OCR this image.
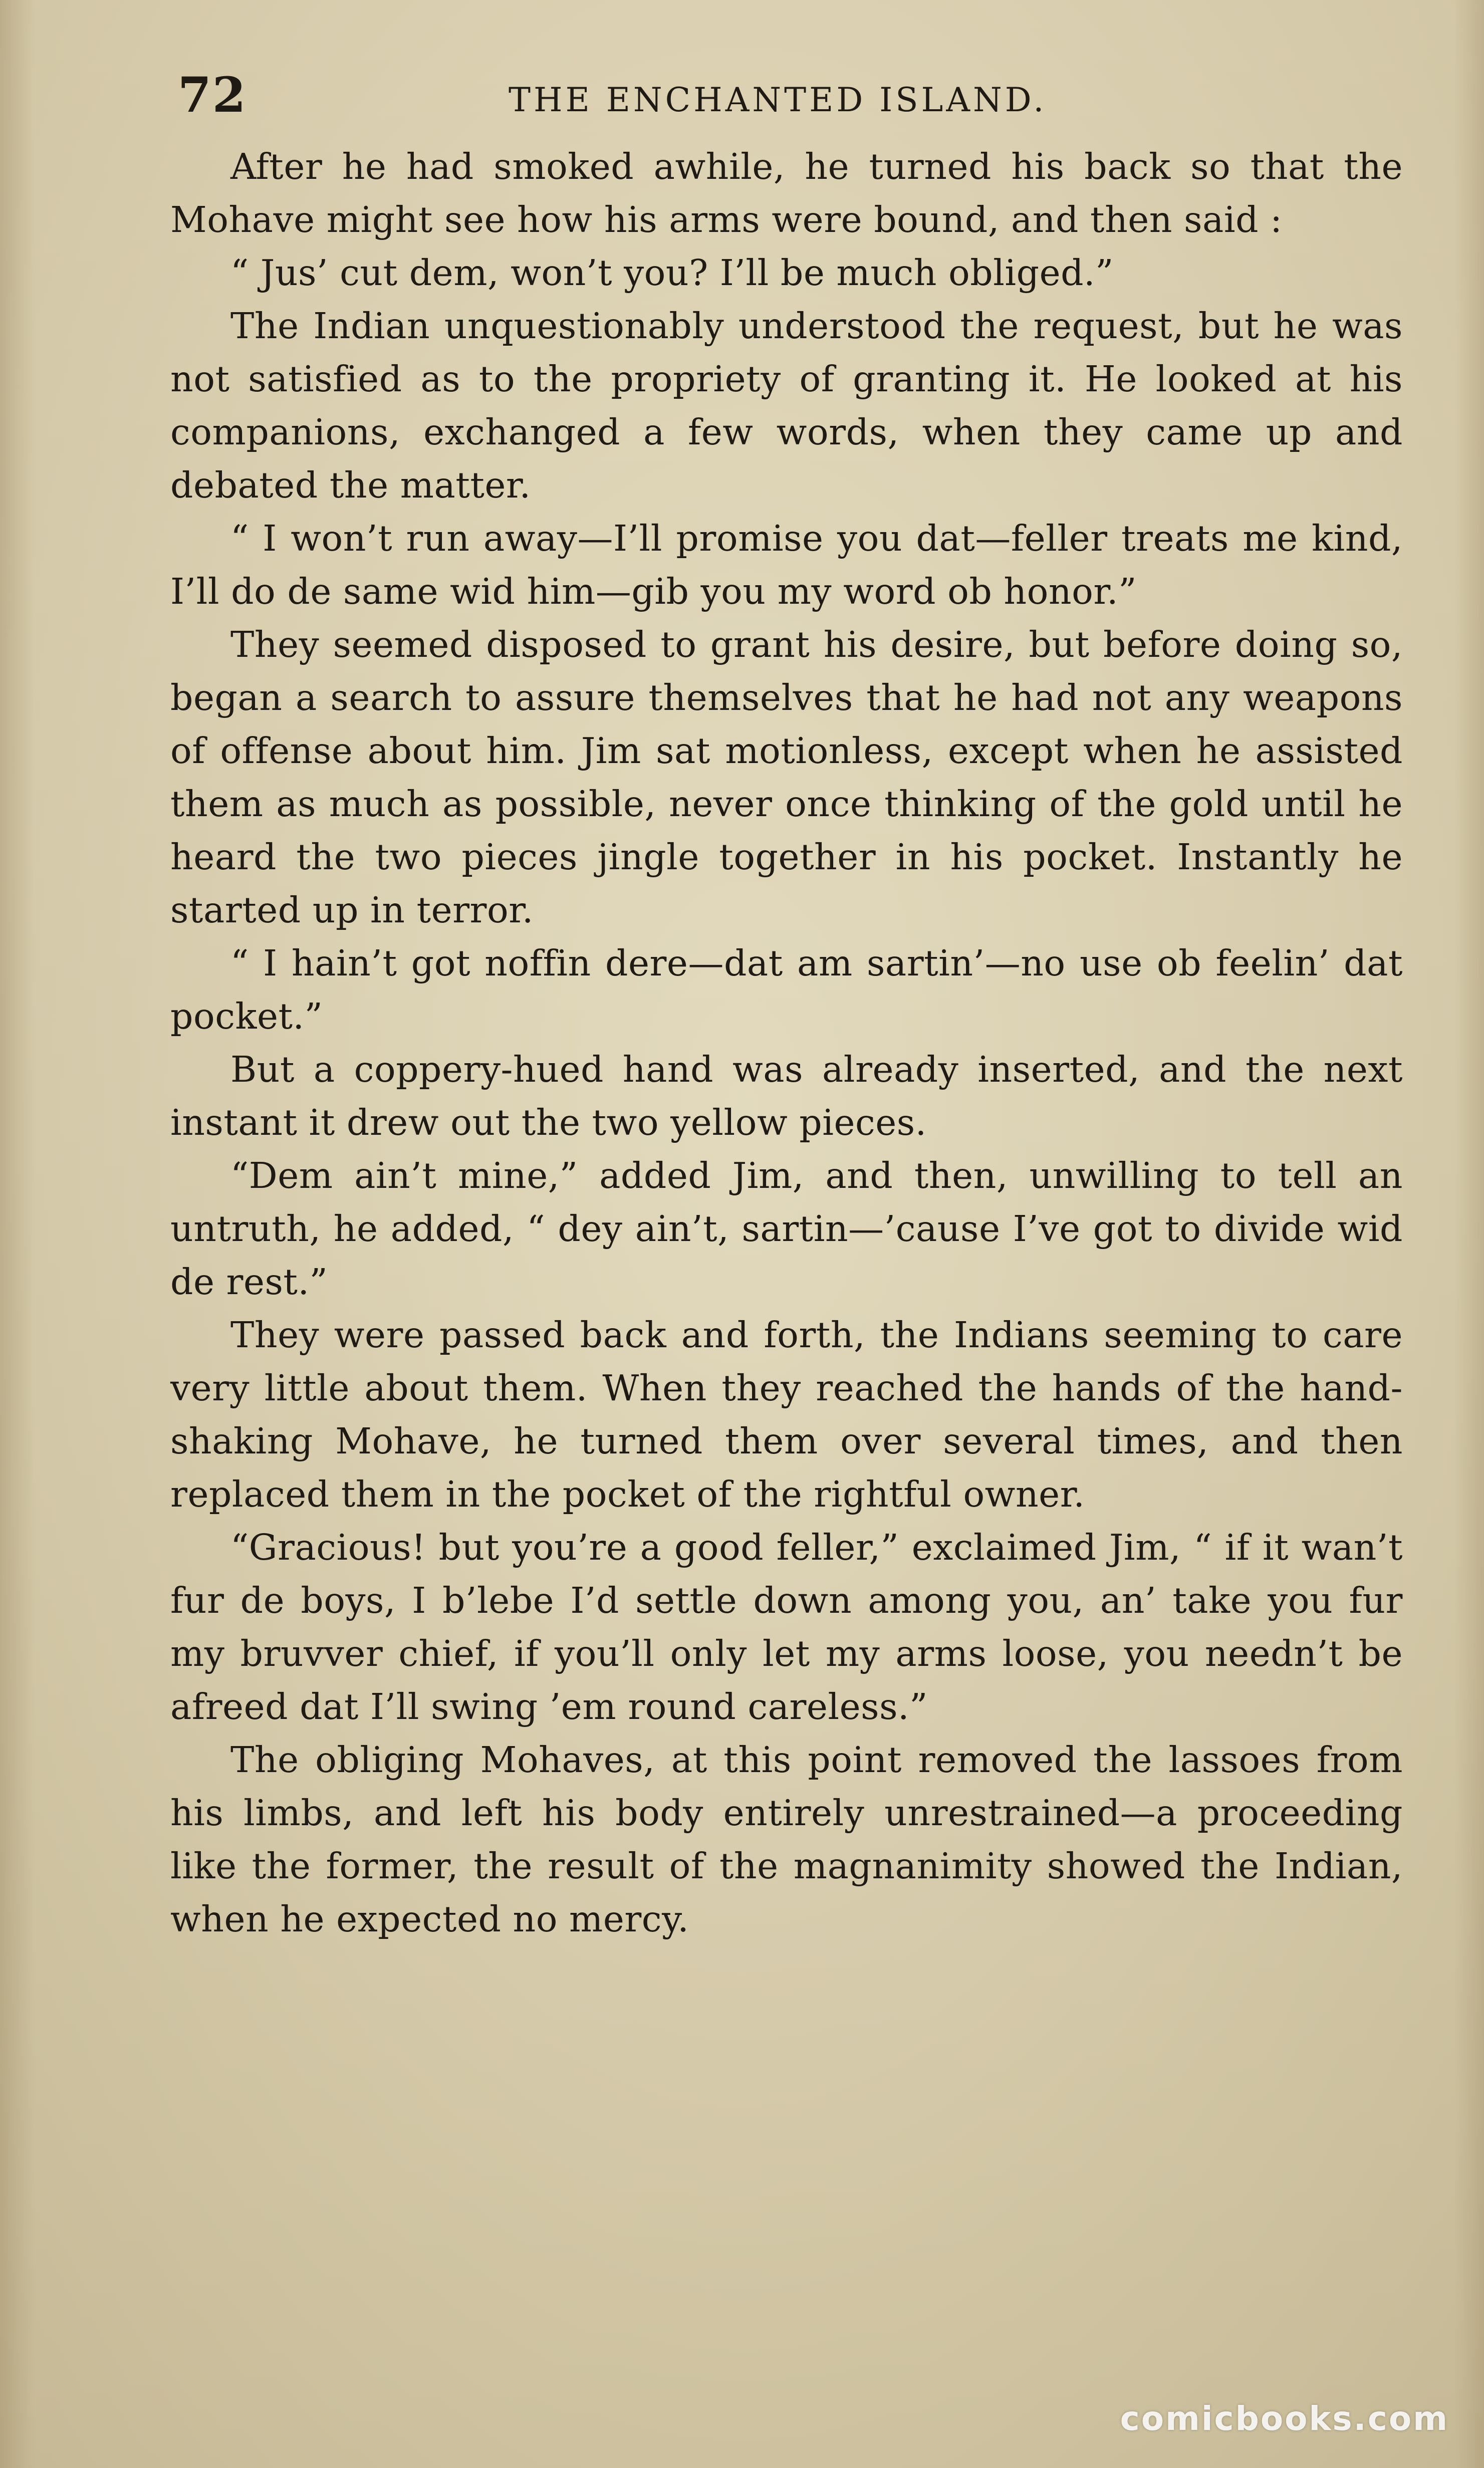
72	THE ENCHANTED ISLAND.

After he had smoked awhile, he turned his back so that the Mohave might see how his arms were bound, and then said :

“ Jus’ cut dem, won’t you? I’ll be much obliged.”

The Indian unquestionably understood the request, but he was not satisfied as to the propriety of granting it. He looked at his companions, exchanged a few words, when they came up and debated the matter.

“ I won’t run away—I’ll promise you dat—feller treats me kind, I’ll do de same wid him—gib you my word ob honor.”

They seemed disposed to grant his desire, but before doing so, began a search to assure themselves that he had not any weapons of offense about him. Jim sat motionless, except when he assisted them as much as possible, never once thinking of the gold until he heard the two pieces jingle together in his pocket. Instantly he started up in terror.

“ I hain’t got noffin dere—dat am sartin’—no use ob feelin’ dat pocket.”

But a coppery-hued hand was already inserted, and the next instant it drew out the two yellow pieces.

“Dem ain’t mine,” added Jim, and then, unwilling to tell an untruth, he added, “ dey ain’t, sartin—’cause I’ve got to divide wid de rest.”

They were passed back and forth, the Indians seeming to care very little about them. When they reached the hands of the hand-shaking Mohave, he turned them over several times, and then replaced them in the pocket of the rightful owner.

“Gracious! but you’re a good feller,” exclaimed Jim, “ if it wan’t fur de boys, I b’lebe I’d settle down among you, an’ take you fur my bruvver chief, if you’ll only let my arms loose, you needn’t be afreed dat I’ll swing ’em round careless.”

The obliging Mohaves, at this point removed the lassoes from his limbs, and left his body entirely unrestrained—a proceeding like the former, the result of the magnanimity showed the Indian, when he expected no mercy.

comicbooks.com
